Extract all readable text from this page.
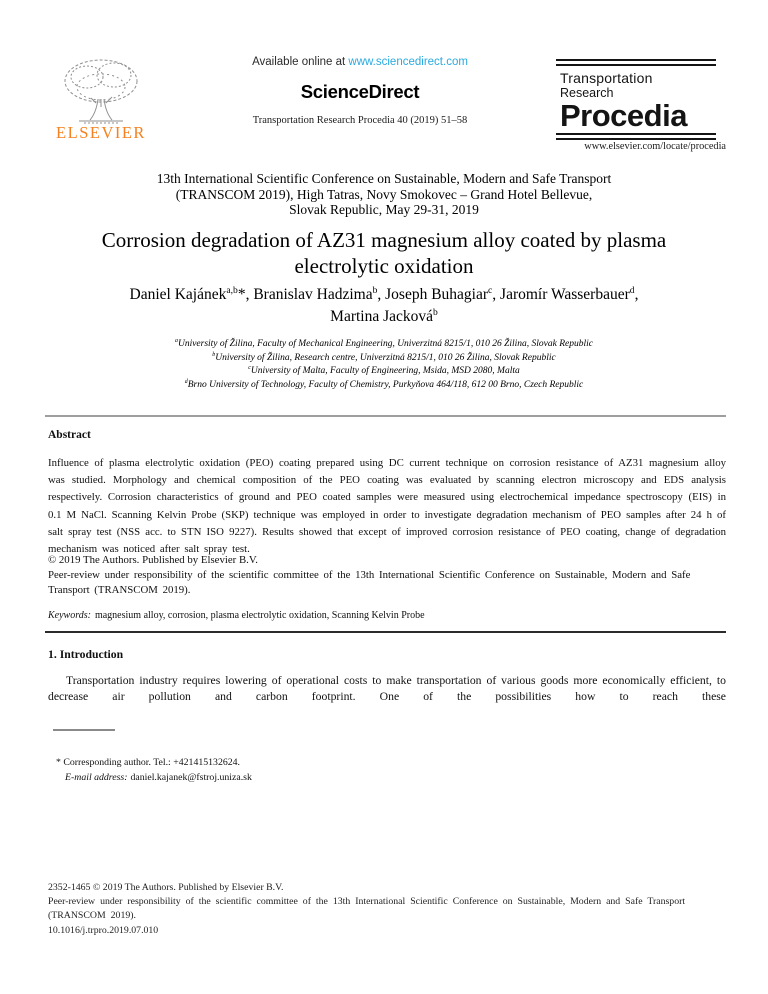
ELSEVIER
Available online at www.sciencedirect.com
ScienceDirect
Transportation Research Procedia 40 (2019) 51–58
Transportation
Research
Procedia
www.elsevier.com/locate/procedia
13th International Scientific Conference on Sustainable, Modern and Safe Transport
(TRANSCOM 2019), High Tatras, Novy Smokovec – Grand Hotel Bellevue,
Slovak Republic, May 29-31, 2019
Corrosion degradation of AZ31 magnesium alloy coated by plasma
electrolytic oxidation
Daniel Kajánek$^{a,b}$*, Branislav Hadzima$^b$, Joseph Buhagiar$^c$, Jaromír Wasserbauer$^d$,
Martina Jacková$^b$
$^a$University of Žilina, Faculty of Mechanical Engineering, Univerzitná 8215/1, 010 26 Žilina, Slovak Republic
$^b$University of Žilina, Research centre, Univerzitná 8215/1, 010 26 Žilina, Slovak Republic
$^c$University of Malta, Faculty of Engineering, Msida, MSD 2080, Malta
$^d$Brno University of Technology, Faculty of Chemistry, Purkyňova 464/118, 612 00 Brno, Czech Republic
Abstract
Influence of plasma electrolytic oxidation (PEO) coating prepared using DC current technique on corrosion resistance of AZ31 magnesium alloy was studied. Morphology and chemical composition of the PEO coating was evaluated by scanning electron microscopy and EDS analysis respectively. Corrosion characteristics of ground and PEO coated samples were measured using electrochemical impedance spectroscopy (EIS) in 0.1 M NaCl. Scanning Kelvin Probe (SKP) technique was employed in order to investigate degradation mechanism of PEO samples after 24 h of salt spray test (NSS acc. to STN ISO 9227). Results showed that except of improved corrosion resistance of PEO coating, change of degradation mechanism was noticed after salt spray test.
© 2019 The Authors. Published by Elsevier B.V.
Peer-review under responsibility of the scientific committee of the 13th International Scientific Conference on Sustainable, Modern and Safe Transport (TRANSCOM 2019).
Keywords: magnesium alloy, corrosion, plasma electrolytic oxidation, Scanning Kelvin Probe
1. Introduction
Transportation industry requires lowering of operational costs to make transportation of various goods more economically efficient, to decrease air pollution and carbon footprint. One of the possibilities how to reach these
* Corresponding author. Tel.: +421415132624.
E-mail address: daniel.kajanek@fstroj.uniza.sk
2352-1465 © 2019 The Authors. Published by Elsevier B.V.
Peer-review under responsibility of the scientific committee of the 13th International Scientific Conference on Sustainable, Modern and Safe Transport (TRANSCOM 2019).
10.1016/j.trpro.2019.07.010
